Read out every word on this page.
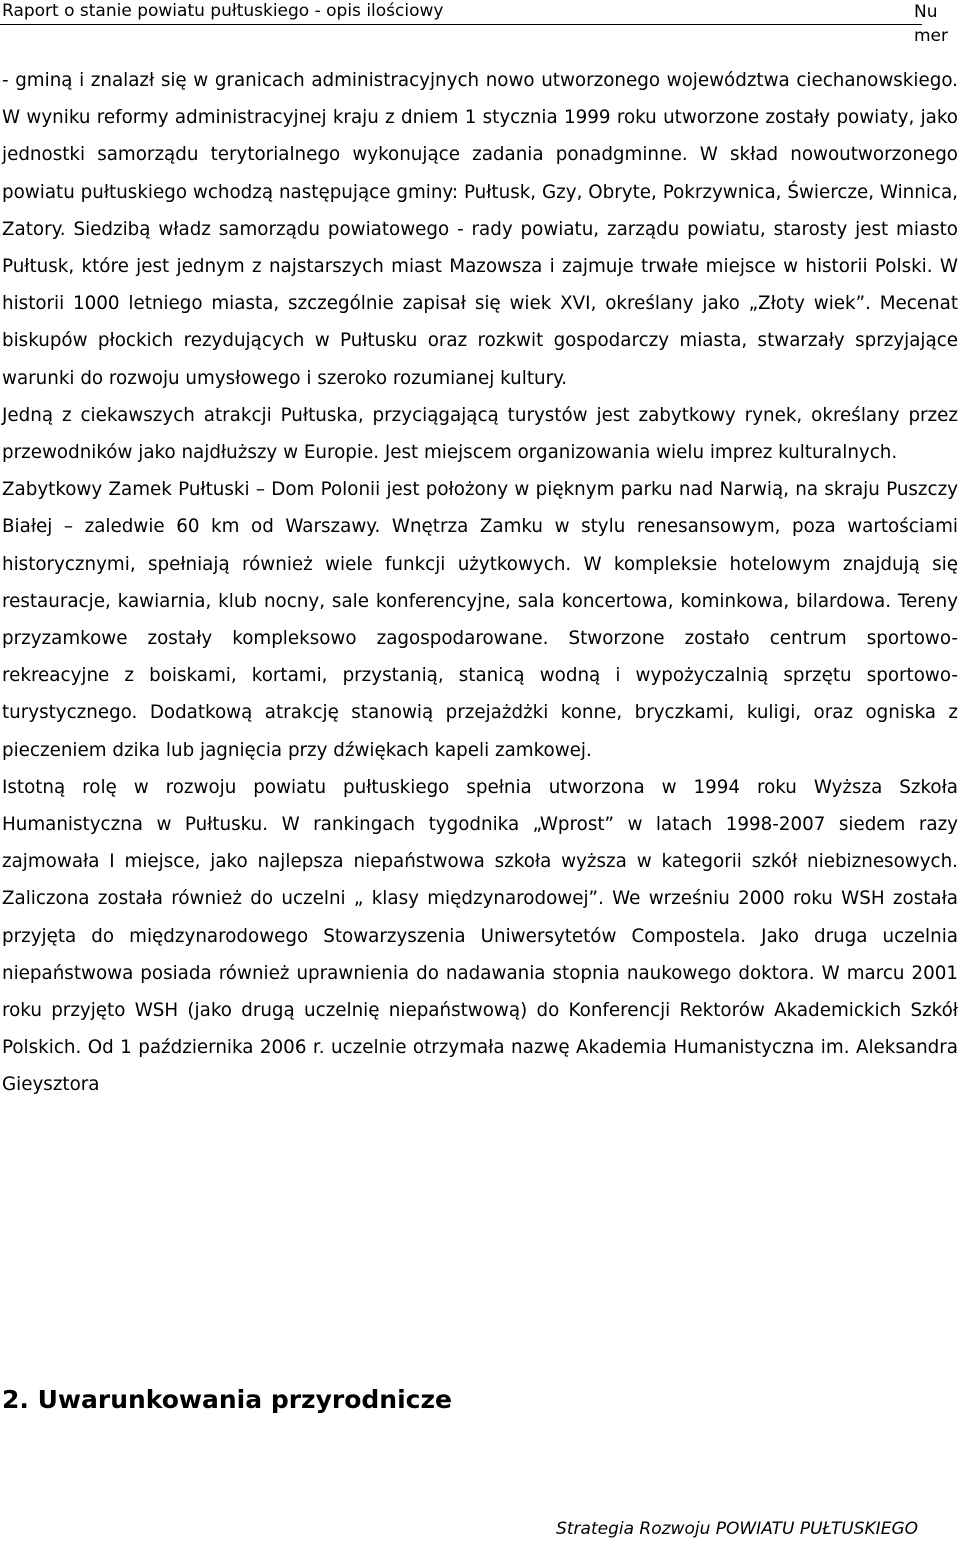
Raport o stanie powiatu pułtuskiego - opis ilościowy	Numer

- gminą i znalazł się w granicach administracyjnych nowo utworzonego województwa ciechanowskiego. W wyniku reformy administracyjnej kraju z dniem 1 stycznia 1999 roku utworzone zostały powiaty, jako jednostki samorządu terytorialnego wykonujące zadania ponadgminne. W skład nowoutworzonego powiatu pułtuskiego wchodzą następujące gminy: Pułtusk, Gzy, Obryte, Pokrzywnica, Świercze, Winnica, Zatory. Siedzibą władz samorządu powiatowego - rady powiatu, zarządu powiatu, starosty jest miasto Pułtusk, które jest jednym z najstarszych miast Mazowsza i zajmuje trwałe miejsce w historii Polski. W historii 1000 letniego miasta, szczególnie zapisał się wiek XVI, określany jako „Złoty wiek”. Mecenat biskupów płockich rezydujących w Pułtusku oraz rozkwit gospodarczy miasta, stwarzały sprzyjające warunki do rozwoju umysłowego i szeroko rozumianej kultury.

Jedną z ciekawszych atrakcji Pułtuska, przyciągającą turystów jest zabytkowy rynek, określany przez przewodników jako najdłuższy w Europie. Jest miejscem organizowania wielu imprez kulturalnych.

Zabytkowy Zamek Pułtuski – Dom Polonii jest położony w pięknym parku nad Narwią, na skraju Puszczy Białej – zaledwie 60 km od Warszawy. Wnętrza Zamku w stylu renesansowym, poza wartościami historycznymi, spełniają również wiele funkcji użytkowych. W kompleksie hotelowym znajdują się restauracje, kawiarnia, klub nocny, sale konferencyjne, sala koncertowa, kominkowa, bilardowa. Tereny przyzamkowe zostały kompleksowo zagospodarowane. Stworzone zostało centrum sportowo-rekreacyjne z boiskami, kortami, przystanią, stanicą wodną i wypożyczalnią sprzętu sportowo-turystycznego. Dodatkową atrakcję stanowią przejażdżki konne, bryczkami, kuligi, oraz ogniska z pieczeniem dzika lub jagnięcia przy dźwiękach kapeli zamkowej.

Istotną rolę w rozwoju powiatu pułtuskiego spełnia utworzona w 1994 roku Wyższa Szkoła Humanistyczna w Pułtusku. W rankingach tygodnika „Wprost” w latach 1998-2007 siedem razy zajmowała I miejsce, jako najlepsza niepaństwowa szkoła wyższa w kategorii szkół niebiznesowych. Zaliczona została również do uczelni „ klasy międzynarodowej”. We wrześniu 2000 roku WSH została przyjęta do międzynarodowego Stowarzyszenia Uniwersytetów Compostela. Jako druga uczelnia niepaństwowa posiada również uprawnienia do nadawania stopnia naukowego doktora. W marcu 2001 roku przyjęto WSH (jako drugą uczelnię niepaństwową) do Konferencji Rektorów Akademickich Szkół Polskich. Od 1 października 2006 r. uczelnie otrzymała nazwę Akademia Humanistyczna im. Aleksandra Gieysztora

2. Uwarunkowania przyrodnicze
Strategia Rozwoju POWIATU PUŁTUSKIEGO
